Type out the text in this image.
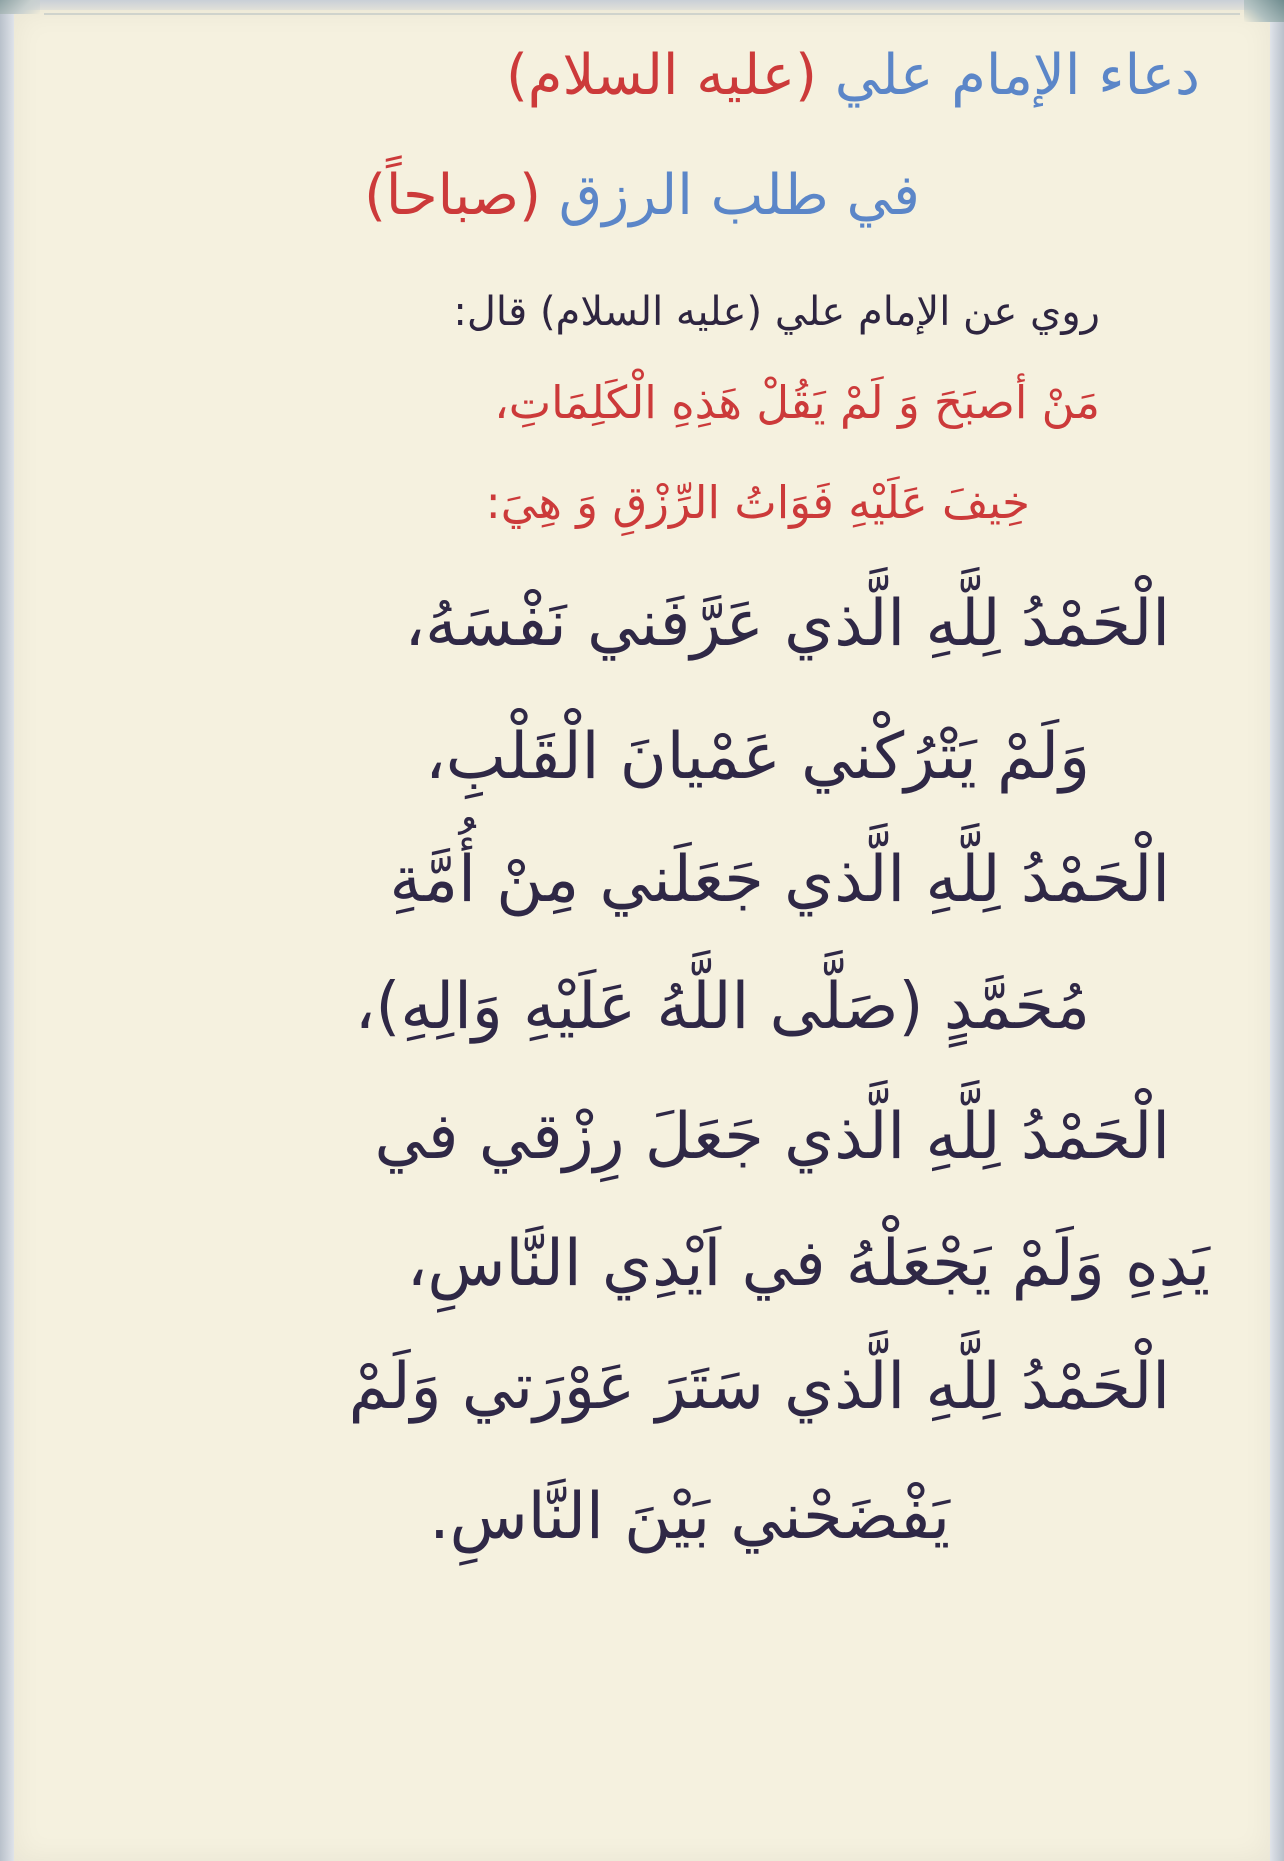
دعاء الإمام علي (عليه السلام)
في طلب الرزق (صباحاً)
روي عن الإمام علي (عليه السلام) قال:
مَنْ أصبَحَ وَ لَمْ يَقُلْ هَذِهِ الْكَلِمَاتِ،
خِيفَ عَلَيْهِ فَوَاتُ الرِّزْقِ وَ هِيَ:
الْحَمْدُ لِلَّهِ الَّذي عَرَّفَني نَفْسَهُ،
وَلَمْ يَتْرُكْني عَمْيانَ الْقَلْبِ،
الْحَمْدُ لِلَّهِ الَّذي جَعَلَني مِنْ أُمَّةِ
مُحَمَّدٍ (صَلَّى اللَّهُ عَلَيْهِ وَالِهِ)،
الْحَمْدُ لِلَّهِ الَّذي جَعَلَ رِزْقي في
يَدِهِ وَلَمْ يَجْعَلْهُ في اَيْدِي النَّاسِ،
الْحَمْدُ لِلَّهِ الَّذي سَتَرَ عَوْرَتي وَلَمْ
يَفْضَحْني بَيْنَ النَّاسِ.
